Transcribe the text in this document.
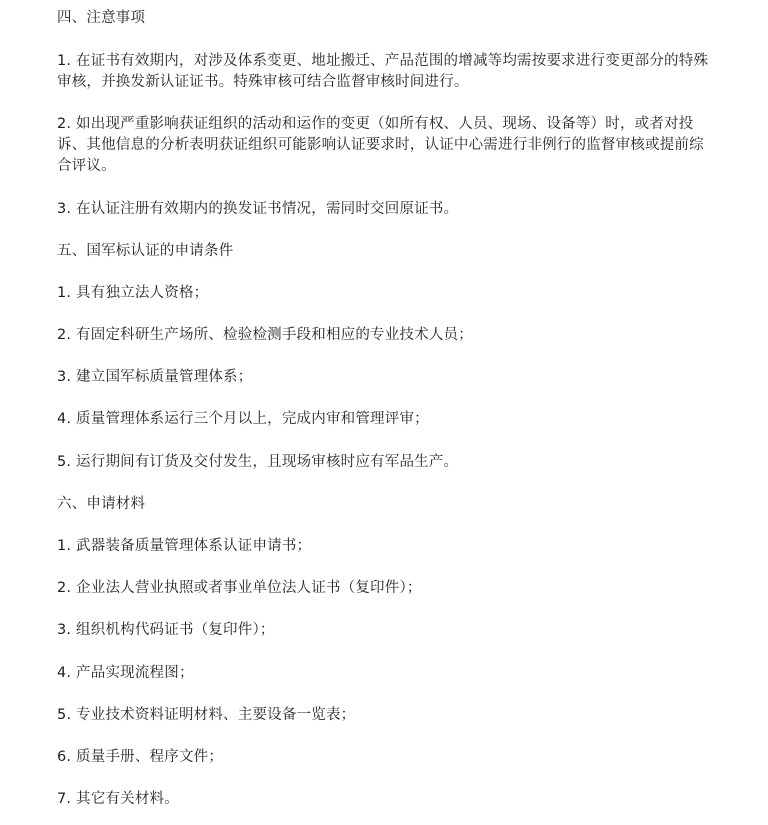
四、注意事项
1. 在证书有效期内，对涉及体系变更、地址搬迁、产品范围的增减等均需按要求进行变更部分的特殊审核，并换发新认证证书。特殊审核可结合监督审核时间进行。
2. 如出现严重影响获证组织的活动和运作的变更（如所有权、人员、现场、设备等）时，或者对投诉、其他信息的分析表明获证组织可能影响认证要求时，认证中心需进行非例行的监督审核或提前综合评议。
3. 在认证注册有效期内的换发证书情况，需同时交回原证书。
五、国军标认证的申请条件
1. 具有独立法人资格；
2. 有固定科研生产场所、检验检测手段和相应的专业技术人员；
3. 建立国军标质量管理体系；
4. 质量管理体系运行三个月以上，完成内审和管理评审；
5. 运行期间有订货及交付发生，且现场审核时应有军品生产。
六、申请材料
1. 武器装备质量管理体系认证申请书；
2. 企业法人营业执照或者事业单位法人证书（复印件）；
3. 组织机构代码证书（复印件）；
4. 产品实现流程图；
5. 专业技术资料证明材料、主要设备一览表；
6. 质量手册、程序文件；
7. 其它有关材料。
